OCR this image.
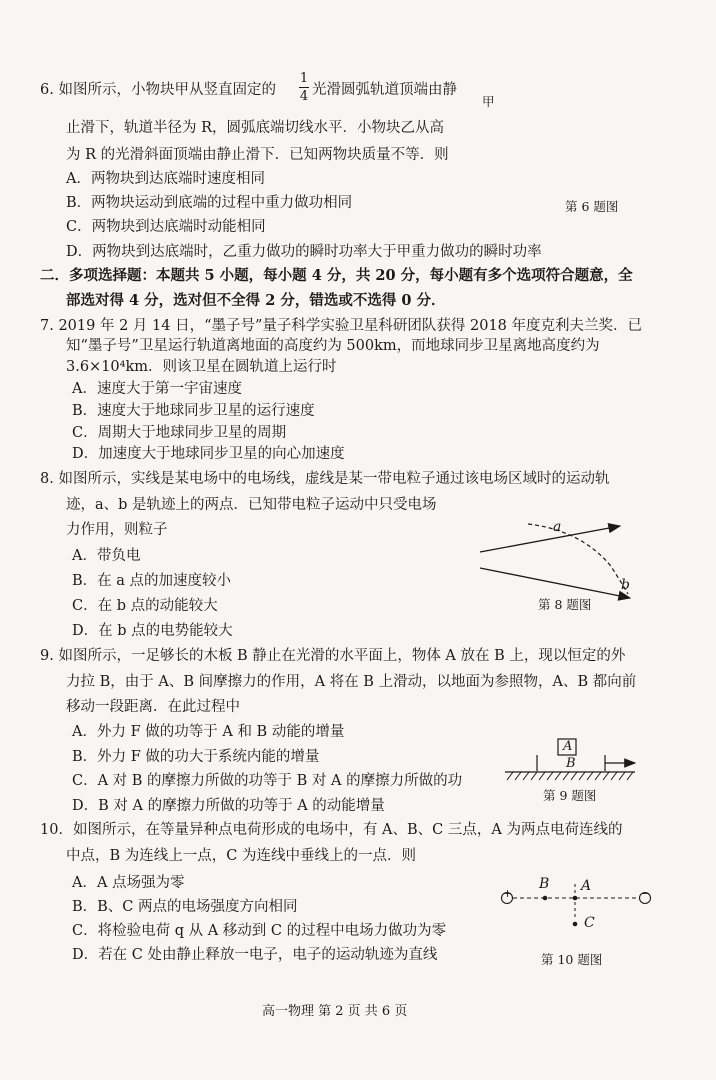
6. 如图所示，小物块甲从竖直固定的
1
4 光滑圆弧轨道顶端由静
止滑下，轨道半径为 R，圆弧底端切线水平．小物块乙从高
为 R 的光滑斜面顶端由静止滑下．已知两物块质量不等．则
A．两物块到达底端时速度相同
B．两物块运动到底端的过程中重力做功相同
C．两物块到达底端时动能相同
D．两物块到达底端时，乙重力做功的瞬时功率大于甲重力做功的瞬时功率
甲
第 6 题图
二．多项选择题：本题共 5 小题，每小题 4 分，共 20 分，每小题有多个选项符合题意，全
部选对得 4 分，选对但不全得 2 分，错选或不选得 0 分．
7. 2019 年 2 月 14 日，“墨子号”量子科学实验卫星科研团队获得 2018 年度克利夫兰奖．已
知“墨子号”卫星运行轨道离地面的高度约为 500km，而地球同步卫星离地高度约为
3.6×10⁴km．则该卫星在圆轨道上运行时
A．速度大于第一宇宙速度
B．速度大于地球同步卫星的运行速度
C．周期大于地球同步卫星的周期
D．加速度大于地球同步卫星的向心加速度
8. 如图所示，实线是某电场中的电场线，虚线是某一带电粒子通过该电场区域时的运动轨
迹，a、b 是轨迹上的两点．已知带电粒子运动中只受电场
力作用，则粒子
A．带负电
B．在 a 点的加速度较小
C．在 b 点的动能较大
D．在 b 点的电势能较大
a
b
第 8 题图
9. 如图所示，一足够长的木板 B 静止在光滑的水平面上，物体 A 放在 B 上，现以恒定的外
力拉 B，由于 A、B 间摩擦力的作用，A 将在 B 上滑动，以地面为参照物，A、B 都向前
移动一段距离．在此过程中
A．外力 F 做的功等于 A 和 B 动能的增量
B．外力 F 做的功大于系统内能的增量
C．A 对 B 的摩擦力所做的功等于 B 对 A 的摩擦力所做的功
D．B 对 A 的摩擦力所做的功等于 A 的动能增量
A
B
第 9 题图
10．如图所示，在等量异种点电荷形成的电场中，有 A、B、C 三点，A 为两点电荷连线的
中点，B 为连线上一点，C 为连线中垂线上的一点．则
A．A 点场强为零
B．B、C 两点的电场强度方向相同
C．将检验电荷 q 从 A 移动到 C 的过程中电场力做功为零
D．若在 C 处由静止释放一电子，电子的运动轨迹为直线
+	−
B A
C
第 10 题图
高一物理 第 2 页 共 6 页
